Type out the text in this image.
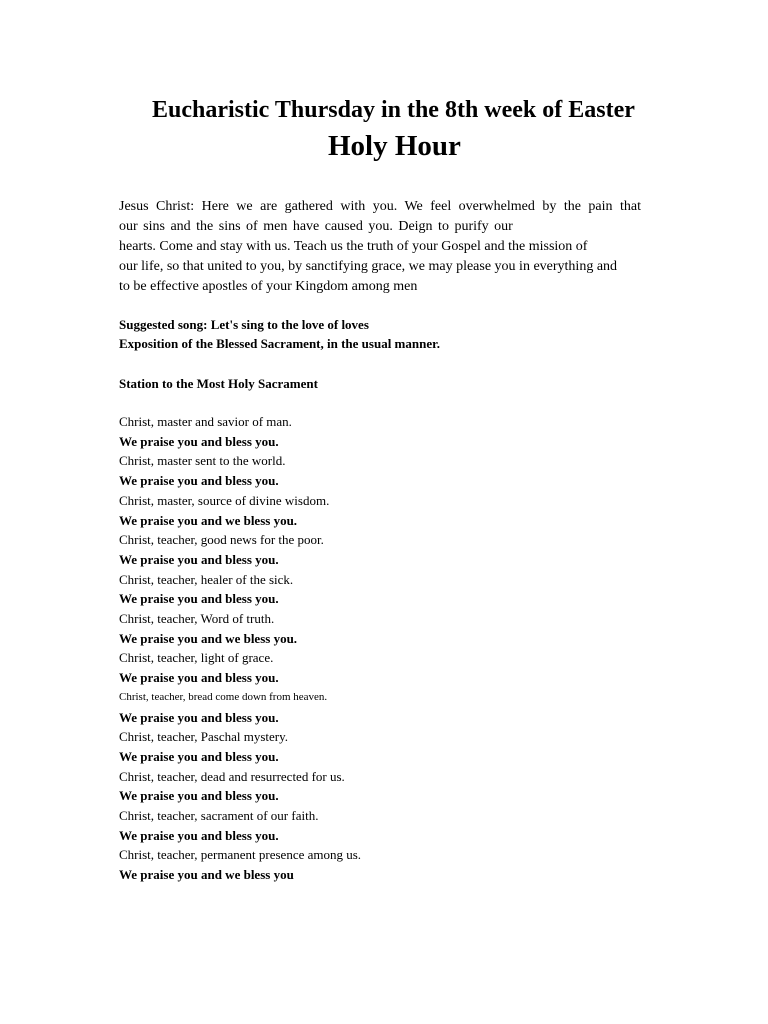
Eucharistic Thursday in the 8th week of Easter
Holy Hour
Jesus Christ: Here we are gathered with you. We feel overwhelmed by the pain that
our sins and the sins of men have caused you. Deign to purify our
hearts. Come and stay with us. Teach us the truth of your Gospel and the mission of
our life, so that united to you, by sanctifying grace, we may please you in everything and
to be effective apostles of your Kingdom among men
Suggested song: Let's sing to the love of loves
Exposition of the Blessed Sacrament, in the usual manner.
Station to the Most Holy Sacrament
Christ, master and savior of man.
We praise you and bless you.
Christ, master sent to the world.
We praise you and bless you.
Christ, master, source of divine wisdom.
We praise you and we bless you.
Christ, teacher, good news for the poor.
We praise you and bless you.
Christ, teacher, healer of the sick.
We praise you and bless you.
Christ, teacher, Word of truth.
We praise you and we bless you.
Christ, teacher, light of grace.
We praise you and bless you.
Christ, teacher, bread come down from heaven.
We praise you and bless you.
Christ, teacher, Paschal mystery.
We praise you and bless you.
Christ, teacher, dead and resurrected for us.
We praise you and bless you.
Christ, teacher, sacrament of our faith.
We praise you and bless you.
Christ, teacher, permanent presence among us.
We praise you and we bless you
